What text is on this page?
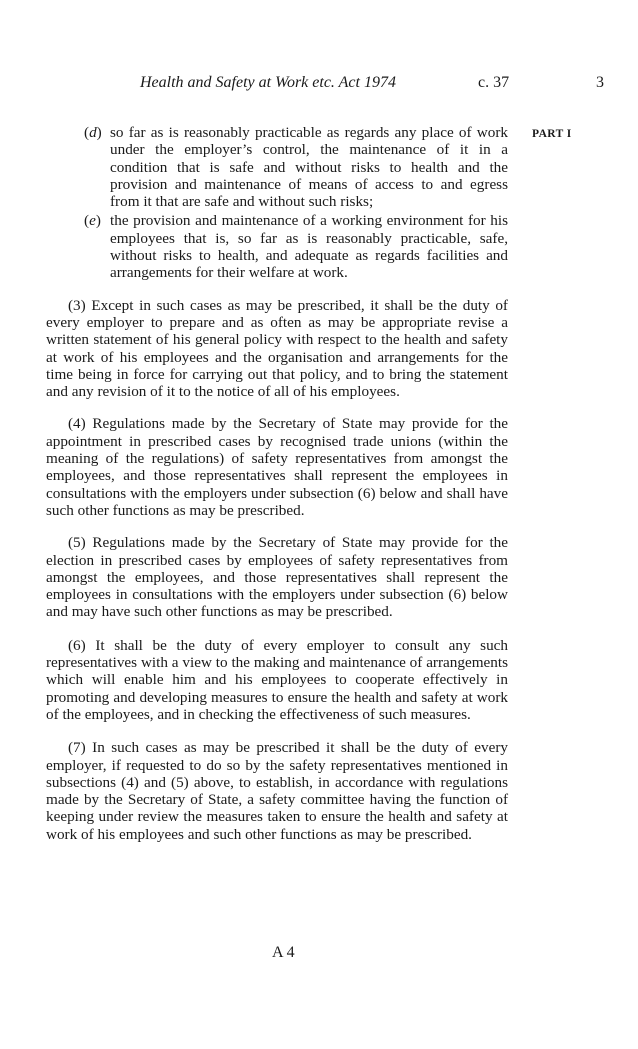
Health and Safety at Work etc. Act 1974	c. 37	3
PART I
(d) so far as is reasonably practicable as regards any place of work under the employer’s control, the maintenance of it in a condition that is safe and without risks to health and the provision and maintenance of means of access to and egress from it that are safe and without such risks;
(e) the provision and maintenance of a working environment for his employees that is, so far as is reasonably practicable, safe, without risks to health, and adequate as regards facilities and arrangements for their welfare at work.

(3) Except in such cases as may be prescribed, it shall be the duty of every employer to prepare and as often as may be appropriate revise a written statement of his general policy with respect to the health and safety at work of his employees and the organisation and arrangements for the time being in force for carrying out that policy, and to bring the statement and any revision of it to the notice of all of his employees.

(4) Regulations made by the Secretary of State may provide for the appointment in prescribed cases by recognised trade unions (within the meaning of the regulations) of safety representatives from amongst the employees, and those representatives shall represent the employees in consultations with the employers under subsection (6) below and shall have such other functions as may be prescribed.

(5) Regulations made by the Secretary of State may provide for the election in prescribed cases by employees of safety representatives from amongst the employees, and those representatives shall represent the employees in consultations with the employers under subsection (6) below and may have such other functions as may be prescribed.

(6) It shall be the duty of every employer to consult any such representatives with a view to the making and maintenance of arrangements which will enable him and his employees to cooperate effectively in promoting and developing measures to ensure the health and safety at work of the employees, and in checking the effectiveness of such measures.

(7) In such cases as may be prescribed it shall be the duty of every employer, if requested to do so by the safety representatives mentioned in subsections (4) and (5) above, to establish, in accordance with regulations made by the Secretary of State, a safety committee having the function of keeping under review the measures taken to ensure the health and safety at work of his employees and such other functions as may be prescribed.

A 4
